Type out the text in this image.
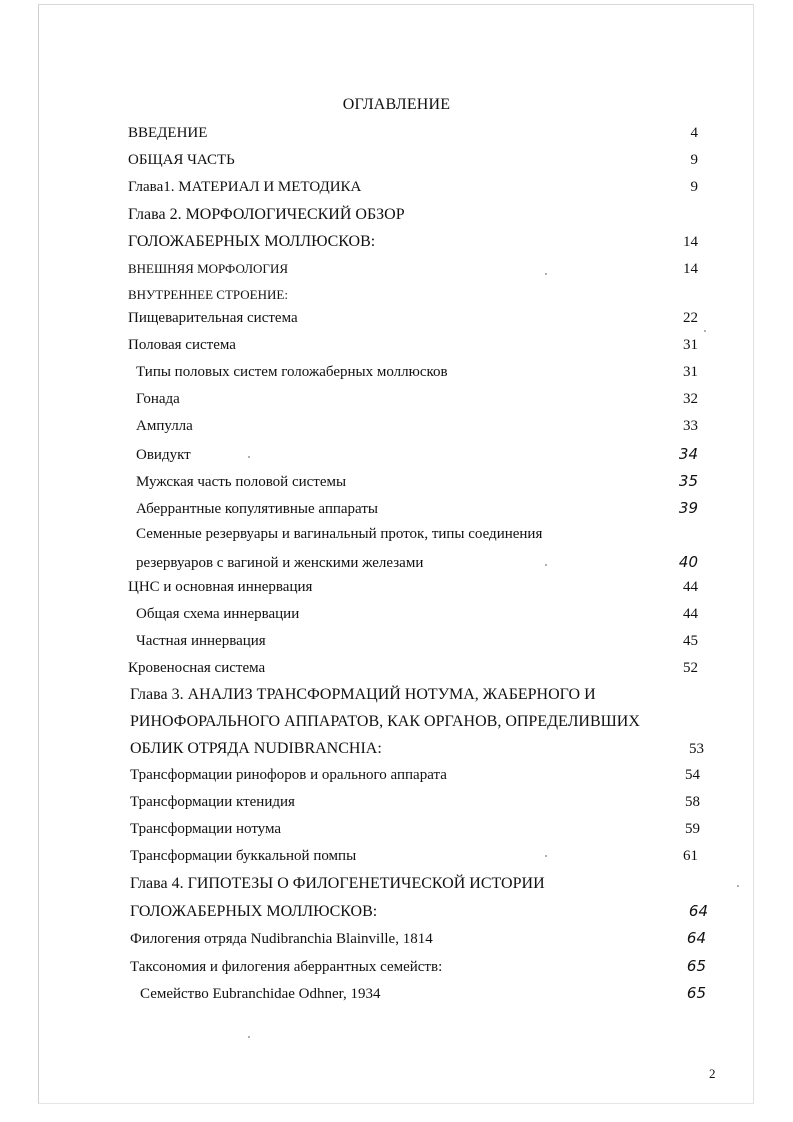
ОГЛАВЛЕНИЕ
ВВЕДЕНИЕ	4
ОБЩАЯ ЧАСТЬ	9
Глава1. МАТЕРИАЛ И МЕТОДИКА	9
Глава 2. МОРФОЛОГИЧЕСКИЙ ОБЗОР
ГОЛОЖАБЕРНЫХ МОЛЛЮСКОВ:	14
ВНЕШНЯЯ МОРФОЛОГИЯ	14
ВНУТРЕННЕЕ СТРОЕНИЕ:
Пищеварительная система	22
Половая система	31
Типы половых систем голожаберных моллюсков	31
Гонада	32
Ампулла	33
Овидукт	34
Мужская часть половой системы	35
Аберрантные копулятивные аппараты	39
Семенные резервуары и вагинальный проток, типы соединения
резервуаров с вагиной и женскими железами	40
ЦНС и основная иннервация	44
Общая схема иннервации	44
Частная иннервация	45
Кровеносная система	52
Глава 3. АНАЛИЗ ТРАНСФОРМАЦИЙ НОТУМА, ЖАБЕРНОГО И
РИНОФОРАЛЬНОГО АППАРАТОВ, КАК ОРГАНОВ, ОПРЕДЕЛИВШИХ
ОБЛИК ОТРЯДА NUDIBRANCHIA:	53
Трансформации ринофоров и орального аппарата	54
Трансформации ктенидия	58
Трансформации нотума	59
Трансформации буккальной помпы	61
Глава 4. ГИПОТЕЗЫ О ФИЛОГЕНЕТИЧЕСКОЙ ИСТОРИИ
ГОЛОЖАБЕРНЫХ МОЛЛЮСКОВ:	64
Филогения отряда Nudibranchia Blainville, 1814	64
Таксономия и филогения аберрантных семейств:	65
Семейство Eubranchidae Odhner, 1934	65
2
